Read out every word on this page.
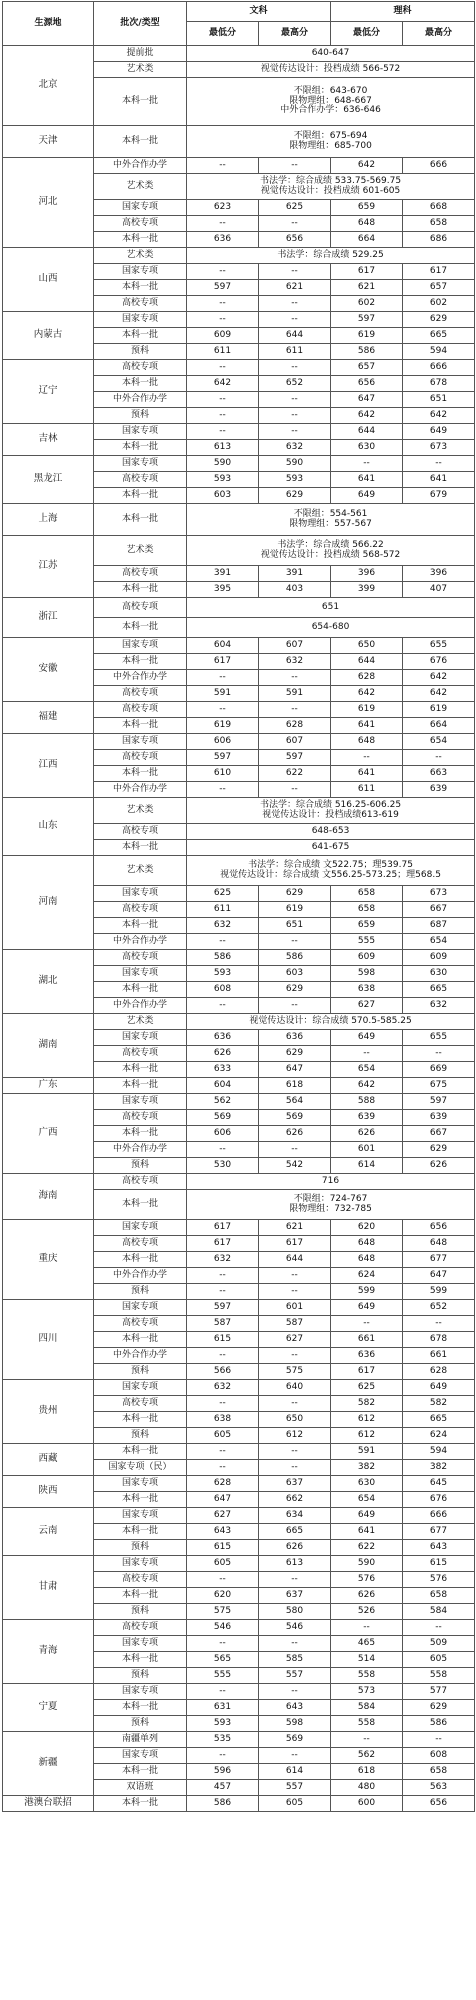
生源地	批次/类型	文科		理科	
		最低分	最高分	最低分	最高分
北京	提前批	640-647			
	艺术类	视觉传达设计：投档成绩 566-572			
	本科一批	不限组：643-670
限物理组：648-667
中外合作办学：636-646			
天津	本科一批	不限组：675-694
限物理组：685-700			
河北	中外合作办学	--	--	642	666
	艺术类	书法学：综合成绩 533.75-569.75
视觉传达设计：投档成绩 601-605			
	国家专项	623	625	659	668
	高校专项	--	--	648	658
	本科一批	636	656	664	686
山西	艺术类	书法学：综合成绩 529.25			
	国家专项	--	--	617	617
	本科一批	597	621	621	657
	高校专项	--	--	602	602
内蒙古	国家专项	--	--	597	629
	本科一批	609	644	619	665
	预科	611	611	586	594
辽宁	高校专项	--	--	657	666
	本科一批	642	652	656	678
	中外合作办学	--	--	647	651
	预科	--	--	642	642
吉林	国家专项	--	--	644	649
	本科一批	613	632	630	673
黑龙江	国家专项	590	590	--	--
	高校专项	593	593	641	641
	本科一批	603	629	649	679
上海	本科一批	不限组：554-561
限物理组：557-567			
江苏	艺术类	书法学：综合成绩 566.22
视觉传达设计：投档成绩 568-572			
	高校专项	391	391	396	396
	本科一批	395	403	399	407
浙江	高校专项	651			
	本科一批	654-680			
安徽	国家专项	604	607	650	655
	本科一批	617	632	644	676
	中外合作办学	--	--	628	642
	高校专项	591	591	642	642
福建	高校专项	--	--	619	619
	本科一批	619	628	641	664
江西	国家专项	606	607	648	654
	高校专项	597	597	--	--
	本科一批	610	622	641	663
	中外合作办学	--	--	611	639
山东	艺术类	书法学：综合成绩 516.25-606.25
视觉传达设计：投档成绩613-619			
	高校专项	648-653			
	本科一批	641-675			
河南	艺术类	书法学：综合成绩 文522.75；理539.75
视觉传达设计：综合成绩 文556.25-573.25；理568.5			
	国家专项	625	629	658	673
	高校专项	611	619	658	667
	本科一批	632	651	659	687
	中外合作办学	--	--	555	654
湖北	高校专项	586	586	609	609
	国家专项	593	603	598	630
	本科一批	608	629	638	665
	中外合作办学	--	--	627	632
湖南	艺术类	视觉传达设计：综合成绩 570.5-585.25			
	国家专项	636	636	649	655
	高校专项	626	629	--	--
	本科一批	633	647	654	669
广东	本科一批	604	618	642	675
广西	国家专项	562	564	588	597
	高校专项	569	569	639	639
	本科一批	606	626	626	667
	中外合作办学	--	--	601	629
	预科	530	542	614	626
海南	高校专项	716			
	本科一批	不限组：724-767
限物理组：732-785			
重庆	国家专项	617	621	620	656
	高校专项	617	617	648	648
	本科一批	632	644	648	677
	中外合作办学	--	--	624	647
	预科	--	--	599	599
四川	国家专项	597	601	649	652
	高校专项	587	587	--	--
	本科一批	615	627	661	678
	中外合作办学	--	--	636	661
	预科	566	575	617	628
贵州	国家专项	632	640	625	649
	高校专项	--	--	582	582
	本科一批	638	650	612	665
	预科	605	612	612	624
西藏	本科一批	--	--	591	594
	国家专项（民）	--	--	382	382
陕西	国家专项	628	637	630	645
	本科一批	647	662	654	676
云南	国家专项	627	634	649	666
	本科一批	643	665	641	677
	预科	615	626	622	643
甘肃	国家专项	605	613	590	615
	高校专项	--	--	576	576
	本科一批	620	637	626	658
	预科	575	580	526	584
青海	高校专项	546	546	--	--
	国家专项	--	--	465	509
	本科一批	565	585	514	605
	预科	555	557	558	558
宁夏	国家专项	--	--	573	577
	本科一批	631	643	584	629
	预科	593	598	558	586
新疆	南疆单列	535	569	--	--
	国家专项	--	--	562	608
	本科一批	596	614	618	658
	双语班	457	557	480	563
港澳台联招	本科一批	586	605	600	656
